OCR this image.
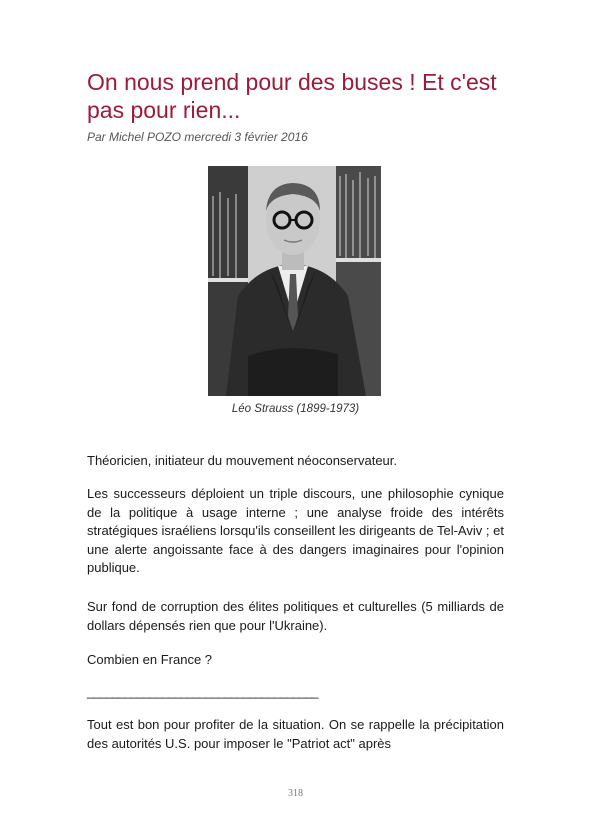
On nous prend pour des buses ! Et c'est pas pour rien...
Par Michel POZO mercredi 3 février 2016
Léo Strauss (1899-1973)

Théoricien, initiateur du mouvement néoconservateur.

Les successeurs déploient un triple discours, une philosophie cynique de la politique à usage interne ; une analyse froide des intérêts stratégiques israéliens lorsqu'ils conseillent les dirigeants de Tel-Aviv ; et une alerte angoissante face à des dangers imaginaires pour l'opinion publique.

Sur fond de corruption des élites politiques et culturelles (5 milliards de dollars dépensés rien que pour l'Ukraine).

Combien en France ?

_____________________________________

Tout est bon pour profiter de la situation. On se rappelle la précipitation des autorités U.S. pour imposer le "Patriot act" après

318
